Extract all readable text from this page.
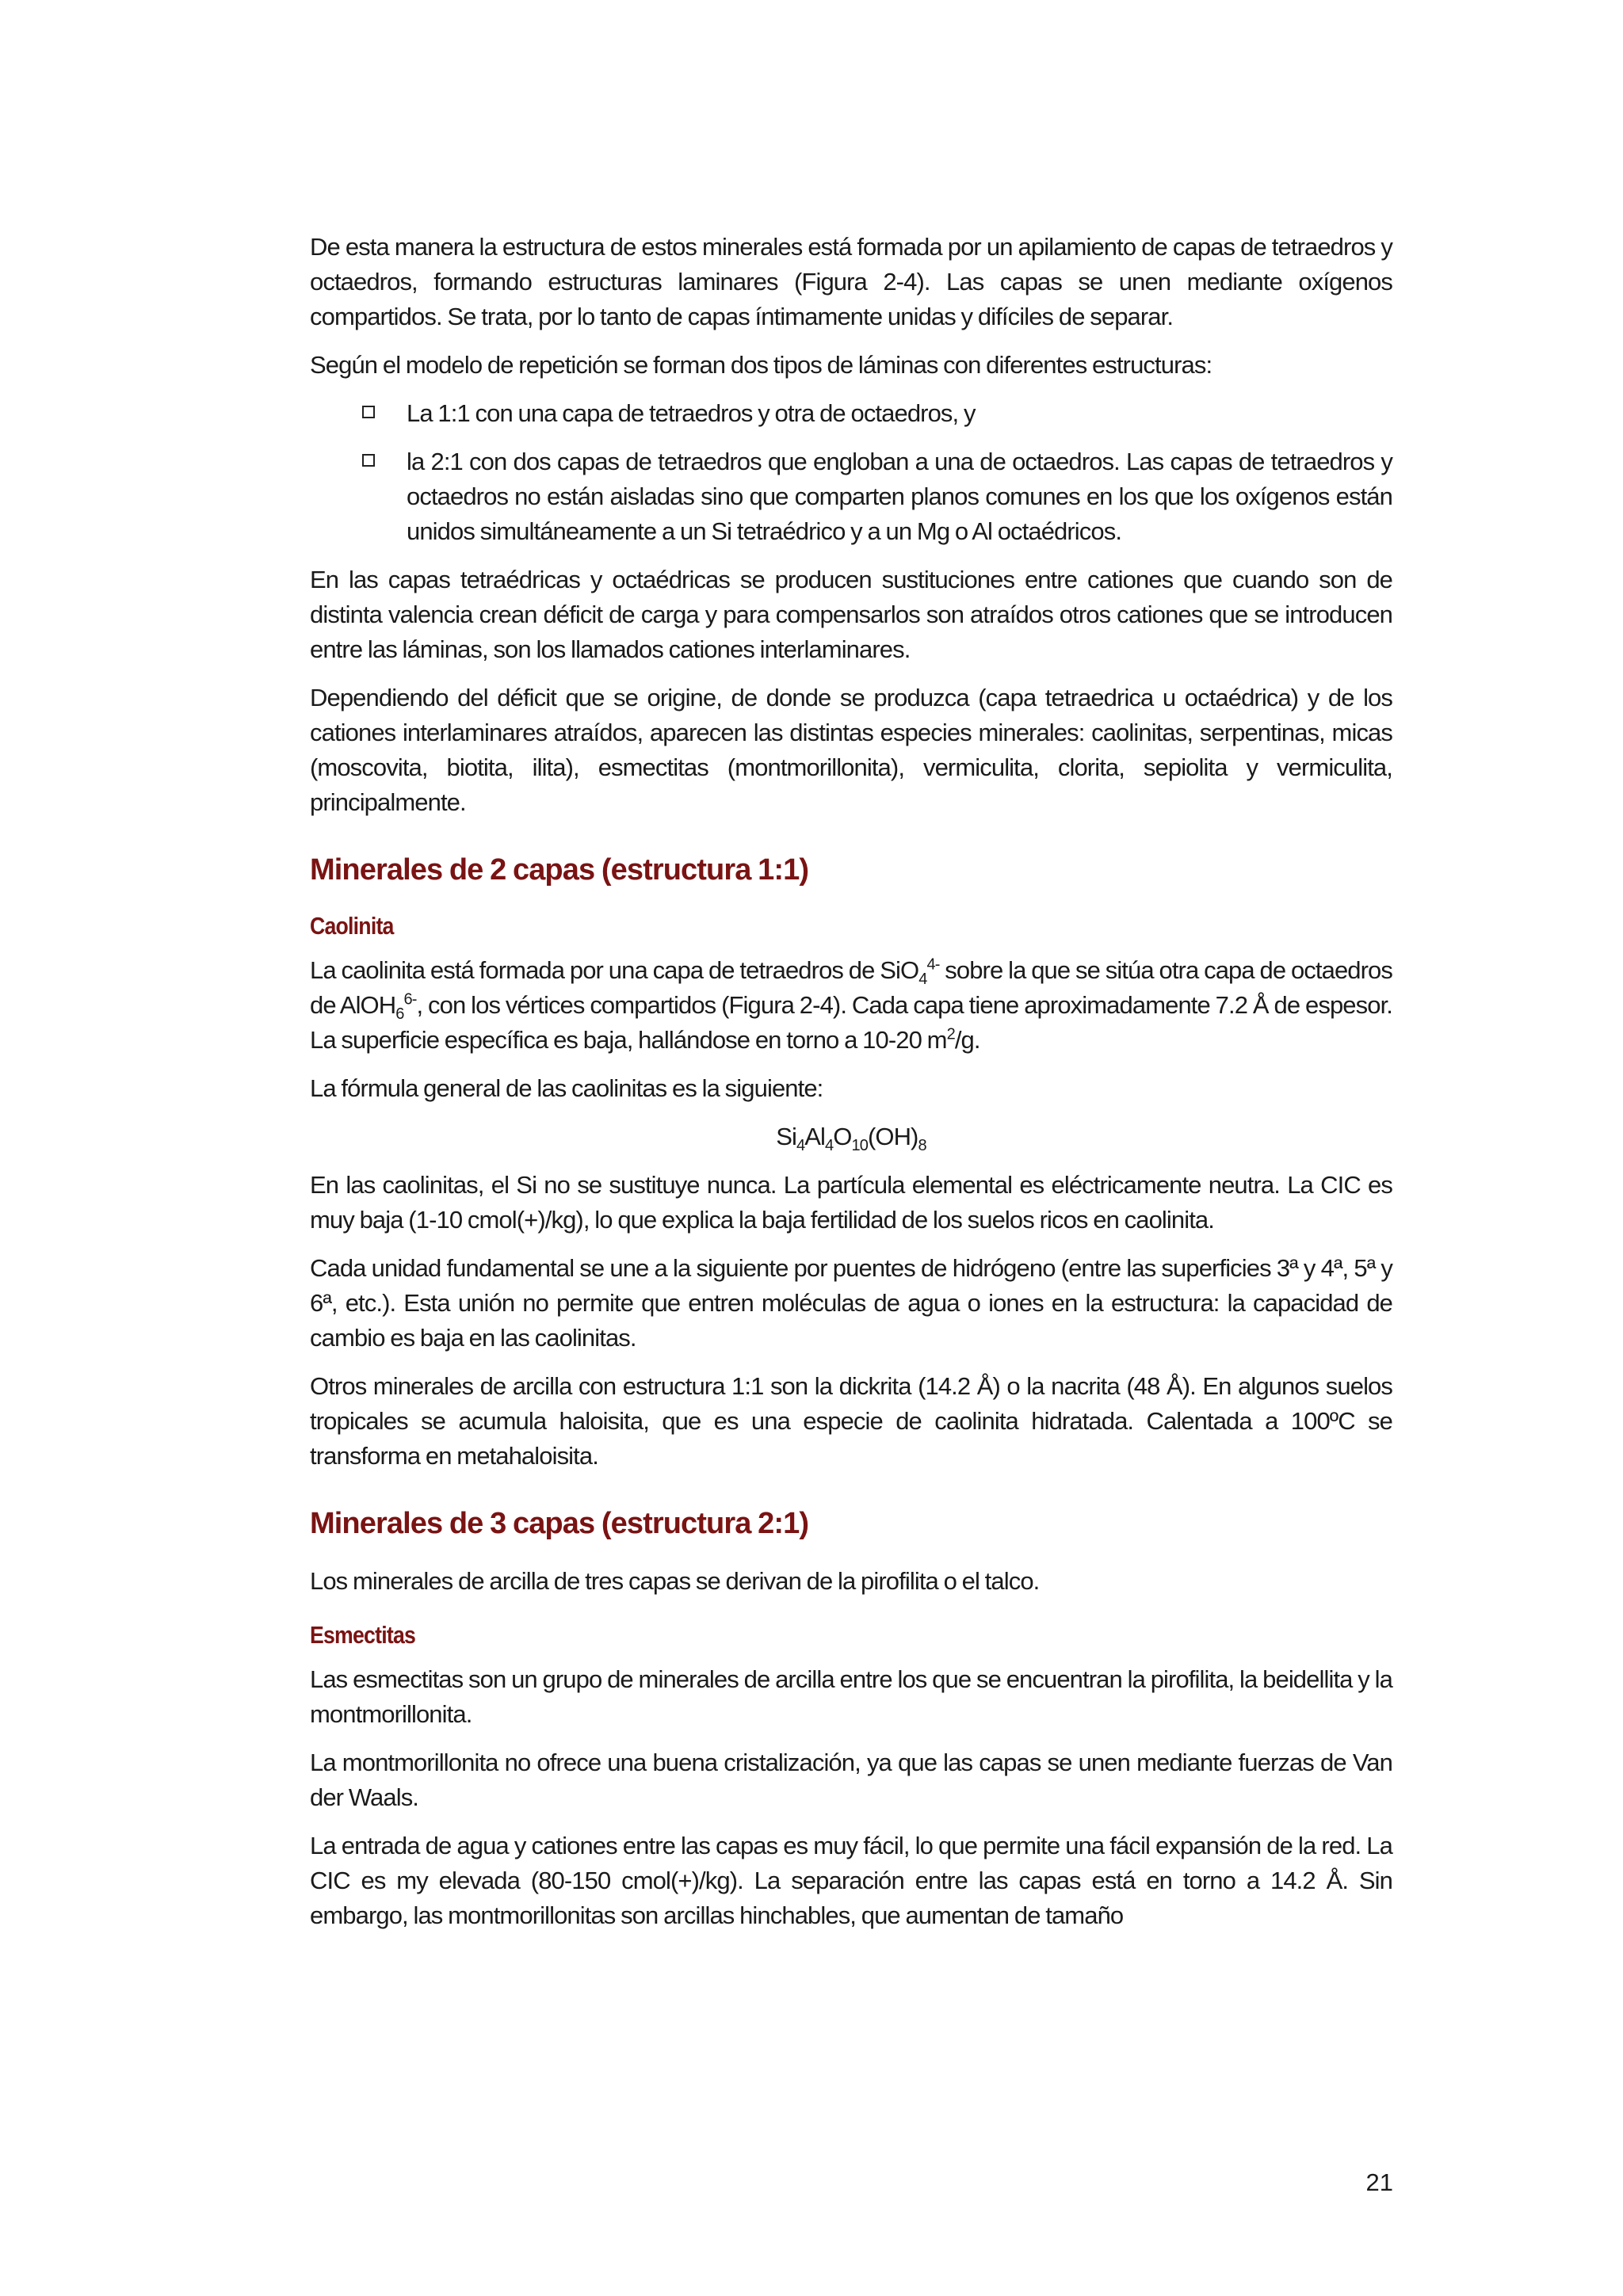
De esta manera la estructura de estos minerales está formada por un apilamiento de capas de tetraedros y octaedros, formando estructuras laminares (Figura 2-4). Las capas se unen mediante oxígenos compartidos. Se trata, por lo tanto de capas íntimamente unidas y difíciles de separar.

Según el modelo de repetición se forman dos tipos de láminas con diferentes estructuras:

La 1:1 con una capa de tetraedros y otra de octaedros, y
la 2:1 con dos capas de tetraedros que engloban a una de octaedros. Las capas de tetraedros y octaedros no están aisladas sino que comparten planos comunes en los que los oxígenos están unidos simultáneamente a un Si tetraédrico y a un Mg o Al octaédricos.

En las capas tetraédricas y octaédricas se producen sustituciones entre cationes que cuando son de distinta valencia crean déficit de carga y para compensarlos son atraídos otros cationes que se introducen entre las láminas, son los llamados cationes interlaminares.

Dependiendo del déficit que se origine, de donde se produzca (capa tetraedrica u octaédrica) y de los cationes interlaminares atraídos, aparecen las distintas especies minerales: caolinitas, serpentinas, micas (moscovita, biotita, ilita), esmectitas (montmorillonita), vermiculita, clorita, sepiolita y vermiculita, principalmente.

Minerales de 2 capas (estructura 1:1)
Caolinita

La caolinita está formada por una capa de tetraedros de SiO$_4^{4-}$ sobre la que se sitúa otra capa de octaedros de AlOH$_6^{6-}$, con los vértices compartidos (Figura 2-4). Cada capa tiene aproximadamente 7.2 Å de espesor. La superficie específica es baja, hallándose en torno a 10-20 $m^2/g$.

La fórmula general de las caolinitas es la siguiente:

$Si_4Al_4O_{10}(OH)_8$

En las caolinitas, el Si no se sustituye nunca. La partícula elemental es eléctricamente neutra. La CIC es muy baja (1-10 cmol(+)/kg), lo que explica la baja fertilidad de los suelos ricos en caolinita.

Cada unidad fundamental se une a la siguiente por puentes de hidrógeno (entre las superficies 3ª y 4ª, 5ª y 6ª, etc.). Esta unión no permite que entren moléculas de agua o iones en la estructura: la capacidad de cambio es baja en las caolinitas.

Otros minerales de arcilla con estructura 1:1 son la dickrita (14.2 Å) o la nacrita (48 Å). En algunos suelos tropicales se acumula haloisita, que es una especie de caolinita hidratada. Calentada a 100ºC se transforma en metahaloisita.

Minerales de 3 capas (estructura 2:1)

Los minerales de arcilla de tres capas se derivan de la pirofilita o el talco.

Esmectitas

Las esmectitas son un grupo de minerales de arcilla entre los que se encuentran la pirofilita, la beidellita y la montmorillonita.

La montmorillonita no ofrece una buena cristalización, ya que las capas se unen mediante fuerzas de Van der Waals.

La entrada de agua y cationes entre las capas es muy fácil, lo que permite una fácil expansión de la red. La CIC es my elevada (80-150 cmol(+)/kg). La separación entre las capas está en torno a 14.2 Å. Sin embargo, las montmorillonitas son arcillas hinchables, que aumentan de tamaño

21
